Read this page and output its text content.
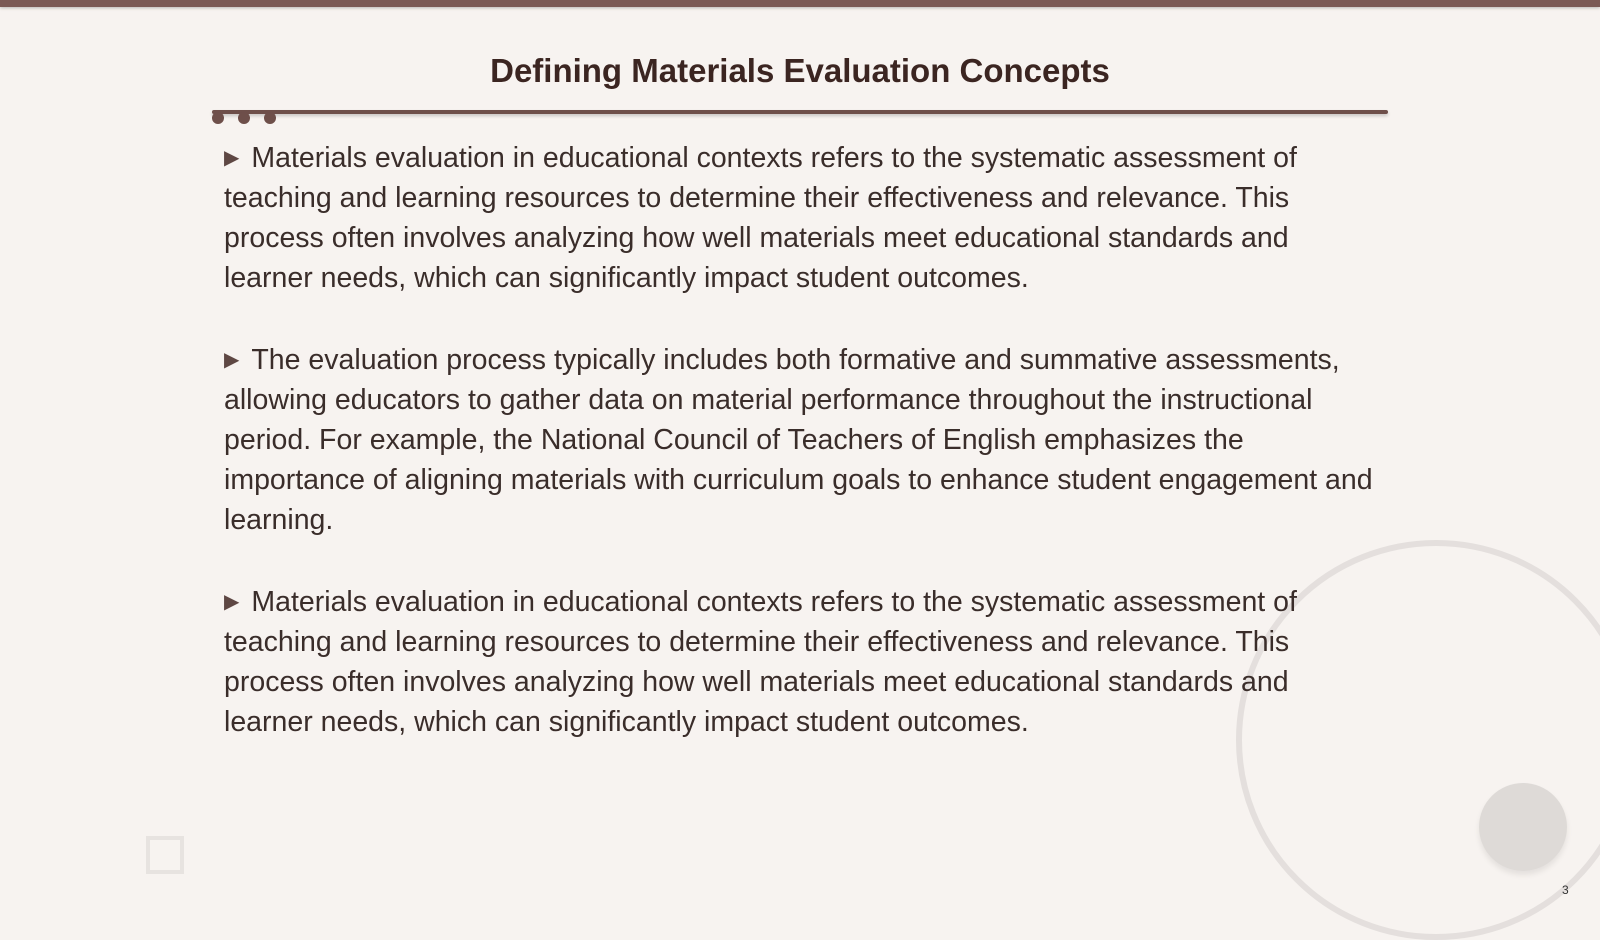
Defining Materials Evaluation Concepts

▶ Materials evaluation in educational contexts refers to the systematic assessment of teaching and learning resources to determine their effectiveness and relevance. This process often involves analyzing how well materials meet educational standards and learner needs, which can significantly impact student outcomes.

▶ The evaluation process typically includes both formative and summative assessments, allowing educators to gather data on material performance throughout the instructional period. For example, the National Council of Teachers of English emphasizes the importance of aligning materials with curriculum goals to enhance student engagement and learning.

▶ Materials evaluation in educational contexts refers to the systematic assessment of teaching and learning resources to determine their effectiveness and relevance. This process often involves analyzing how well materials meet educational standards and learner needs, which can significantly impact student outcomes.

3
